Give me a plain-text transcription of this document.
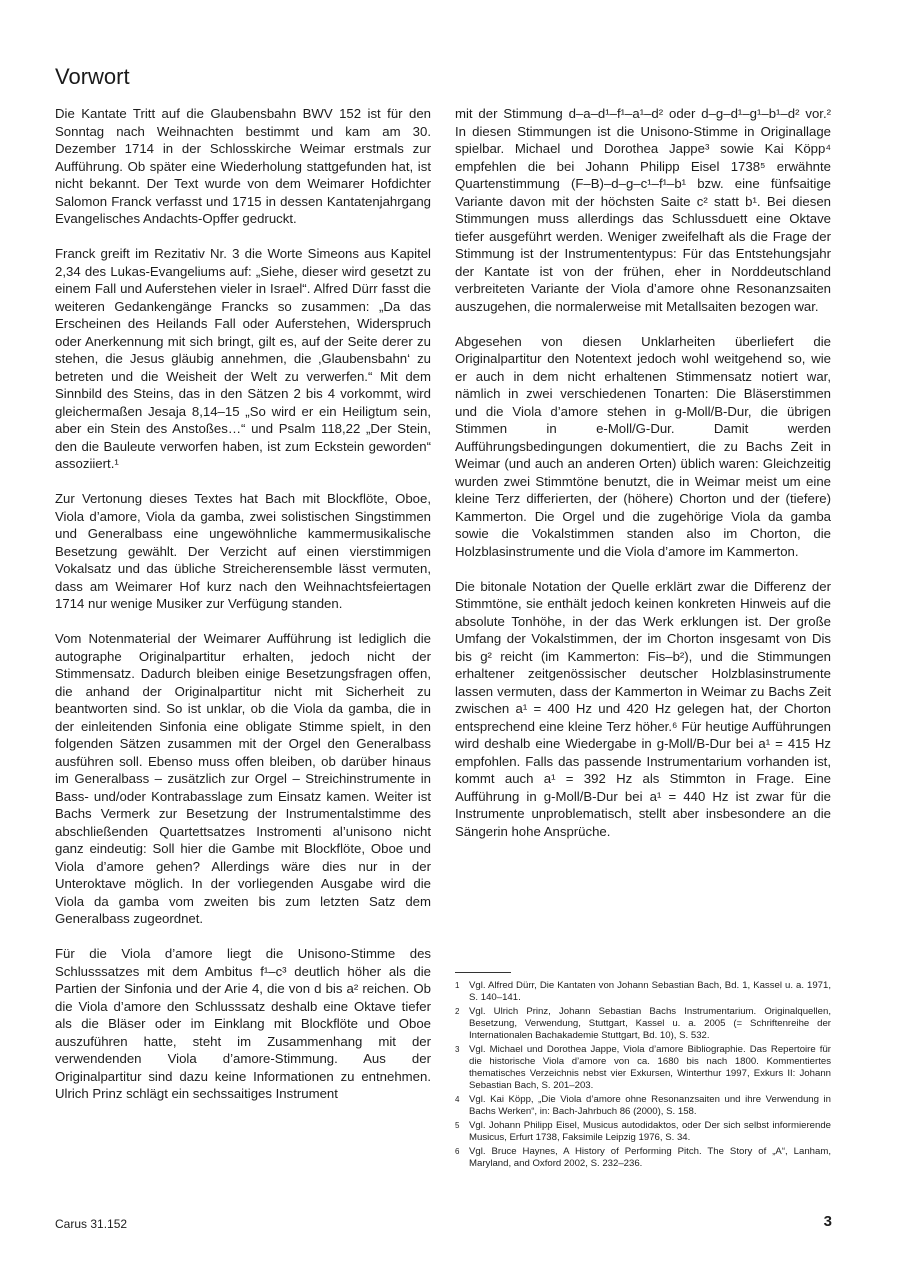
Vorwort

Die Kantate Tritt auf die Glaubensbahn BWV 152 ist für den Sonntag nach Weihnachten bestimmt und kam am 30. Dezember 1714 in der Schlosskirche Weimar erstmals zur Aufführung. Ob später eine Wiederholung stattgefunden hat, ist nicht bekannt. Der Text wurde von dem Weimarer Hofdichter Salomon Franck verfasst und 1715 in dessen Kantatenjahrgang Evangelisches Andachts-Opffer gedruckt.

Franck greift im Rezitativ Nr. 3 die Worte Simeons aus Kapitel 2,34 des Lukas-Evangeliums auf: „Siehe, dieser wird gesetzt zu einem Fall und Auferstehen vieler in Israel“. Alfred Dürr fasst die weiteren Gedankengänge Francks so zusammen: „Da das Erscheinen des Heilands Fall oder Auferstehen, Widerspruch oder Anerkennung mit sich bringt, gilt es, auf der Seite derer zu stehen, die Jesus gläubig annehmen, die ‚Glaubensbahn‘ zu betreten und die Weisheit der Welt zu verwerfen.“ Mit dem Sinnbild des Steins, das in den Sätzen 2 bis 4 vorkommt, wird gleichermaßen Jesaja 8,14–15 „So wird er ein Heiligtum sein, aber ein Stein des Anstoßes…“ und Psalm 118,22 „Der Stein, den die Bauleute verworfen haben, ist zum Eckstein geworden“ assoziiert.¹

Zur Vertonung dieses Textes hat Bach mit Blockflöte, Oboe, Viola d’amore, Viola da gamba, zwei solistischen Singstimmen und Generalbass eine ungewöhnliche kammermusikalische Besetzung gewählt. Der Verzicht auf einen vierstimmigen Vokalsatz und das übliche Streicherensemble lässt vermuten, dass am Weimarer Hof kurz nach den Weihnachtsfeiertagen 1714 nur wenige Musiker zur Verfügung standen.

Vom Notenmaterial der Weimarer Aufführung ist lediglich die autographe Originalpartitur erhalten, jedoch nicht der Stimmensatz. Dadurch bleiben einige Besetzungsfragen offen, die anhand der Originalpartitur nicht mit Sicherheit zu beantworten sind. So ist unklar, ob die Viola da gamba, die in der einleitenden Sinfonia eine obligate Stimme spielt, in den folgenden Sätzen zusammen mit der Orgel den Generalbass ausführen soll. Ebenso muss offen bleiben, ob darüber hinaus im Generalbass – zusätzlich zur Orgel – Streichinstrumente in Bass- und/oder Kontrabasslage zum Einsatz kamen. Weiter ist Bachs Vermerk zur Besetzung der Instrumentalstimme des abschließenden Quartettsatzes Instromenti al’unisono nicht ganz eindeutig: Soll hier die Gambe mit Blockflöte, Oboe und Viola d’amore gehen? Allerdings wäre dies nur in der Unteroktave möglich. In der vorliegenden Ausgabe wird die Viola da gamba vom zweiten bis zum letzten Satz dem Generalbass zugeordnet.

Für die Viola d’amore liegt die Unisono-Stimme des Schlusssatzes mit dem Ambitus f¹–c³ deutlich höher als die Partien der Sinfonia und der Arie 4, die von d bis a² reichen. Ob die Viola d’amore den Schlusssatz deshalb eine Oktave tiefer als die Bläser oder im Einklang mit Blockflöte und Oboe auszuführen hatte, steht im Zusammenhang mit der verwendenden Viola d’amore-Stimmung. Aus der Originalpartitur sind dazu keine Informationen zu entnehmen. Ulrich Prinz schlägt ein sechssaitiges Instrument

mit der Stimmung d–a–d¹–f¹–a¹–d² oder d–g–d¹–g¹–b¹–d² vor.² In diesen Stimmungen ist die Unisono-Stimme in Originallage spielbar. Michael und Dorothea Jappe³ sowie Kai Köpp⁴ empfehlen die bei Johann Philipp Eisel 1738⁵ erwähnte Quartenstimmung (F–B)–d–g–c¹–f¹–b¹ bzw. eine fünfsaitige Variante davon mit der höchsten Saite c² statt b¹. Bei diesen Stimmungen muss allerdings das Schlussduett eine Oktave tiefer ausgeführt werden. Weniger zweifelhaft als die Frage der Stimmung ist der Instrumententypus: Für das Entstehungsjahr der Kantate ist von der frühen, eher in Norddeutschland verbreiteten Variante der Viola d’amore ohne Resonanzsaiten auszugehen, die normalerweise mit Metallsaiten bezogen war.

Abgesehen von diesen Unklarheiten überliefert die Originalpartitur den Notentext jedoch wohl weitgehend so, wie er auch in dem nicht erhaltenen Stimmensatz notiert war, nämlich in zwei verschiedenen Tonarten: Die Bläserstimmen und die Viola d’amore stehen in g-Moll/B-Dur, die übrigen Stimmen in e-Moll/G-Dur. Damit werden Aufführungsbedingungen dokumentiert, die zu Bachs Zeit in Weimar (und auch an anderen Orten) üblich waren: Gleichzeitig wurden zwei Stimmtöne benutzt, die in Weimar meist um eine kleine Terz differierten, der (höhere) Chorton und der (tiefere) Kammerton. Die Orgel und die zugehörige Viola da gamba sowie die Vokalstimmen standen also im Chorton, die Holzblasinstrumente und die Viola d’amore im Kammerton.

Die bitonale Notation der Quelle erklärt zwar die Differenz der Stimmtöne, sie enthält jedoch keinen konkreten Hinweis auf die absolute Tonhöhe, in der das Werk erklungen ist. Der große Umfang der Vokalstimmen, der im Chorton insgesamt von Dis bis g² reicht (im Kammerton: Fis–b²), und die Stimmungen erhaltener zeitgenössischer deutscher Holzblasinstrumente lassen vermuten, dass der Kammerton in Weimar zu Bachs Zeit zwischen a¹ = 400 Hz und 420 Hz gelegen hat, der Chorton entsprechend eine kleine Terz höher.⁶ Für heutige Aufführungen wird deshalb eine Wiedergabe in g-Moll/B-Dur bei a¹ = 415 Hz empfohlen. Falls das passende Instrumentarium vorhanden ist, kommt auch a¹ = 392 Hz als Stimmton in Frage. Eine Aufführung in g-Moll/B-Dur bei a¹ = 440 Hz ist zwar für die Instrumente unproblematisch, stellt aber insbesondere an die Sängerin hohe Ansprüche.

1 Vgl. Alfred Dürr, Die Kantaten von Johann Sebastian Bach, Bd. 1, Kassel u. a. 1971, S. 140–141.
2 Vgl. Ulrich Prinz, Johann Sebastian Bachs Instrumentarium. Originalquellen, Besetzung, Verwendung, Stuttgart, Kassel u. a. 2005 (= Schriftenreihe der Internationalen Bachakademie Stuttgart, Bd. 10), S. 532.
3 Vgl. Michael und Dorothea Jappe, Viola d’amore Bibliographie. Das Repertoire für die historische Viola d’amore von ca. 1680 bis nach 1800. Kommentiertes thematisches Verzeichnis nebst vier Exkursen, Winterthur 1997, Exkurs II: Johann Sebastian Bach, S. 201–203.
4 Vgl. Kai Köpp, „Die Viola d’amore ohne Resonanzsaiten und ihre Verwendung in Bachs Werken“, in: Bach-Jahrbuch 86 (2000), S. 158.
5 Vgl. Johann Philipp Eisel, Musicus autodidaktos, oder Der sich selbst informierende Musicus, Erfurt 1738, Faksimile Leipzig 1976, S. 34.
6 Vgl. Bruce Haynes, A History of Performing Pitch. The Story of „A“, Lanham, Maryland, and Oxford 2002, S. 232–236.
Carus 31.152	3
